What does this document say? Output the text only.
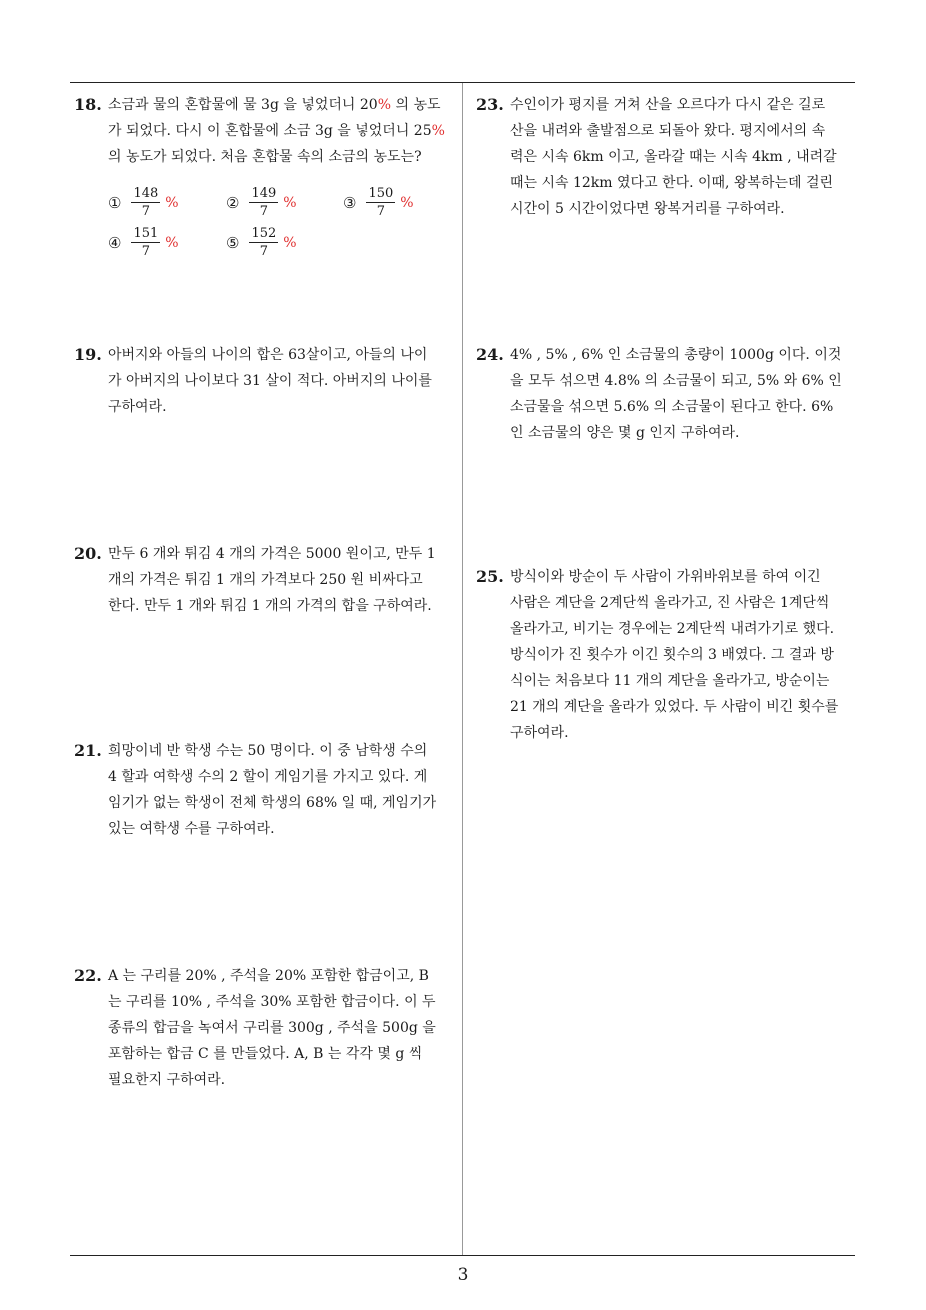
18. 소금과 물의 혼합물에 물 3g 을 넣었더니 20% 의 농도

가 되었다. 다시 이 혼합물에 소금 3g 을 넣었더니 25%

의 농도가 되었다. 처음 혼합물 속의 소금의 농도는?

① $\frac{148}{7}$ %	② $\frac{149}{7}$ %	③ $\frac{150}{7}$ %
④ $\frac{151}{7}$ %	⑤ $\frac{152}{7}$ %
19. 아버지와 아들의 나이의 합은 63살이고, 아들의 나이

가 아버지의 나이보다 31 살이 적다. 아버지의 나이를

구하여라.

20. 만두 6 개와 튀김 4 개의 가격은 5000 원이고, 만두 1

개의 가격은 튀김 1 개의 가격보다 250 원 비싸다고

한다. 만두 1 개와 튀김 1 개의 가격의 합을 구하여라.

21. 희망이네 반 학생 수는 50 명이다. 이 중 남학생 수의

4 할과 여학생 수의 2 할이 게임기를 가지고 있다. 게

임기가 없는 학생이 전체 학생의 68% 일 때, 게임기가

있는 여학생 수를 구하여라.

22. A 는 구리를 20% , 주석을 20% 포함한 합금이고, B

는 구리를 10% , 주석을 30% 포함한 합금이다. 이 두

종류의 합금을 녹여서 구리를 300g , 주석을 500g 을

포함하는 합금 C 를 만들었다. A, B 는 각각 몇 g 씩

필요한지 구하여라.

23. 수인이가 평지를 거쳐 산을 오르다가 다시 같은 길로

산을 내려와 출발점으로 되돌아 왔다. 평지에서의 속

력은 시속 6km 이고, 올라갈 때는 시속 4km , 내려갈

때는 시속 12km 였다고 한다. 이때, 왕복하는데 걸린

시간이 5 시간이었다면 왕복거리를 구하여라.

24. 4% , 5% , 6% 인 소금물의 총량이 1000g 이다. 이것

을 모두 섞으면 4.8% 의 소금물이 되고, 5% 와 6% 인

소금물을 섞으면 5.6% 의 소금물이 된다고 한다. 6%

인 소금물의 양은 몇 g 인지 구하여라.

25. 방식이와 방순이 두 사람이 가위바위보를 하여 이긴

사람은 계단을 2계단씩 올라가고, 진 사람은 1계단씩

올라가고, 비기는 경우에는 2계단씩 내려가기로 했다.

방식이가 진 횟수가 이긴 횟수의 3 배였다. 그 결과 방

식이는 처음보다 11 개의 계단을 올라가고, 방순이는

21 개의 계단을 올라가 있었다. 두 사람이 비긴 횟수를

구하여라.

3
